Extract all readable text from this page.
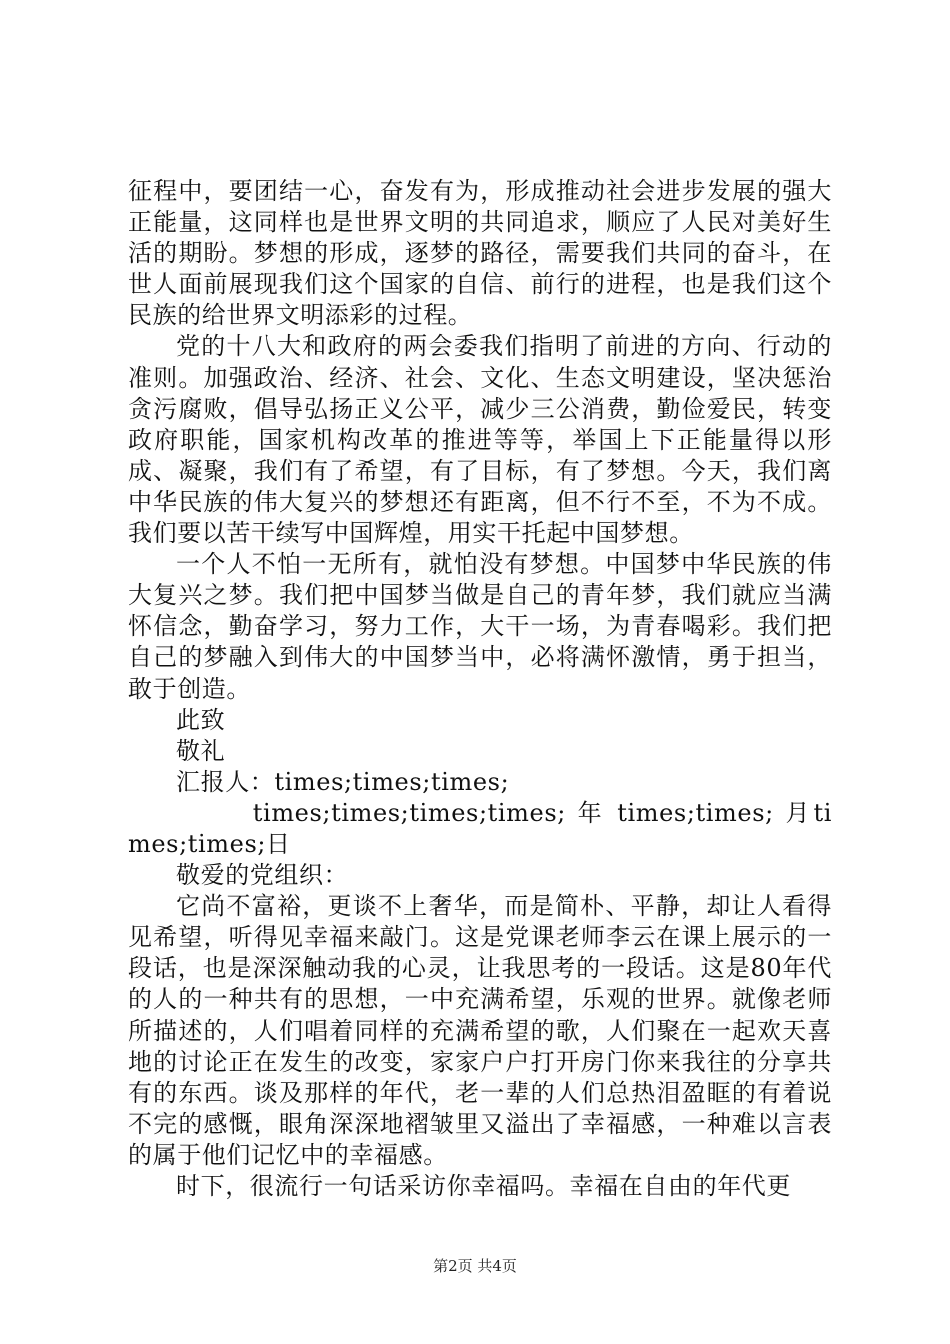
征程中，要团结一心，奋发有为，形成推动社会进步发展的强大正能量，这同样也是世界文明的共同追求，顺应了人民对美好生活的期盼。梦想的形成，逐梦的路径，需要我们共同的奋斗，在世人面前展现我们这个国家的自信、前行的进程，也是我们这个民族的给世界文明添彩的过程。

党的十八大和政府的两会委我们指明了前进的方向、行动的准则。加强政治、经济、社会、文化、生态文明建设，坚决惩治贪污腐败，倡导弘扬正义公平，减少三公消费，勤俭爱民，转变政府职能，国家机构改革的推进等等，举国上下正能量得以形成、凝聚，我们有了希望，有了目标，有了梦想。今天，我们离中华民族的伟大复兴的梦想还有距离，但不行不至，不为不成。我们要以苦干续写中国辉煌，用实干托起中国梦想。

一个人不怕一无所有，就怕没有梦想。中国梦中华民族的伟大复兴之梦。我们把中国梦当做是自己的青年梦，我们就应当满怀信念，勤奋学习，努力工作，大干一场，为青春喝彩。我们把自己的梦融入到伟大的中国梦当中，必将满怀激情，勇于担当，敢于创造。

此致

敬礼

汇报人：times;times;times;

times;times;times;times; 年 times;times; 月times;times;日

敬爱的党组织：

它尚不富裕，更谈不上奢华，而是简朴、平静，却让人看得见希望，听得见幸福来敲门。这是党课老师李云在课上展示的一段话，也是深深触动我的心灵，让我思考的一段话。这是80年代的人的一种共有的思想，一中充满希望，乐观的世界。就像老师所描述的，人们唱着同样的充满希望的歌，人们聚在一起欢天喜地的讨论正在发生的改变，家家户户打开房门你来我往的分享共有的东西。谈及那样的年代，老一辈的人们总热泪盈眶的有着说不完的感慨，眼角深深地褶皱里又溢出了幸福感，一种难以言表的属于他们记忆中的幸福感。

时下，很流行一句话采访你幸福吗。幸福在自由的年代更

第2页 共4页
